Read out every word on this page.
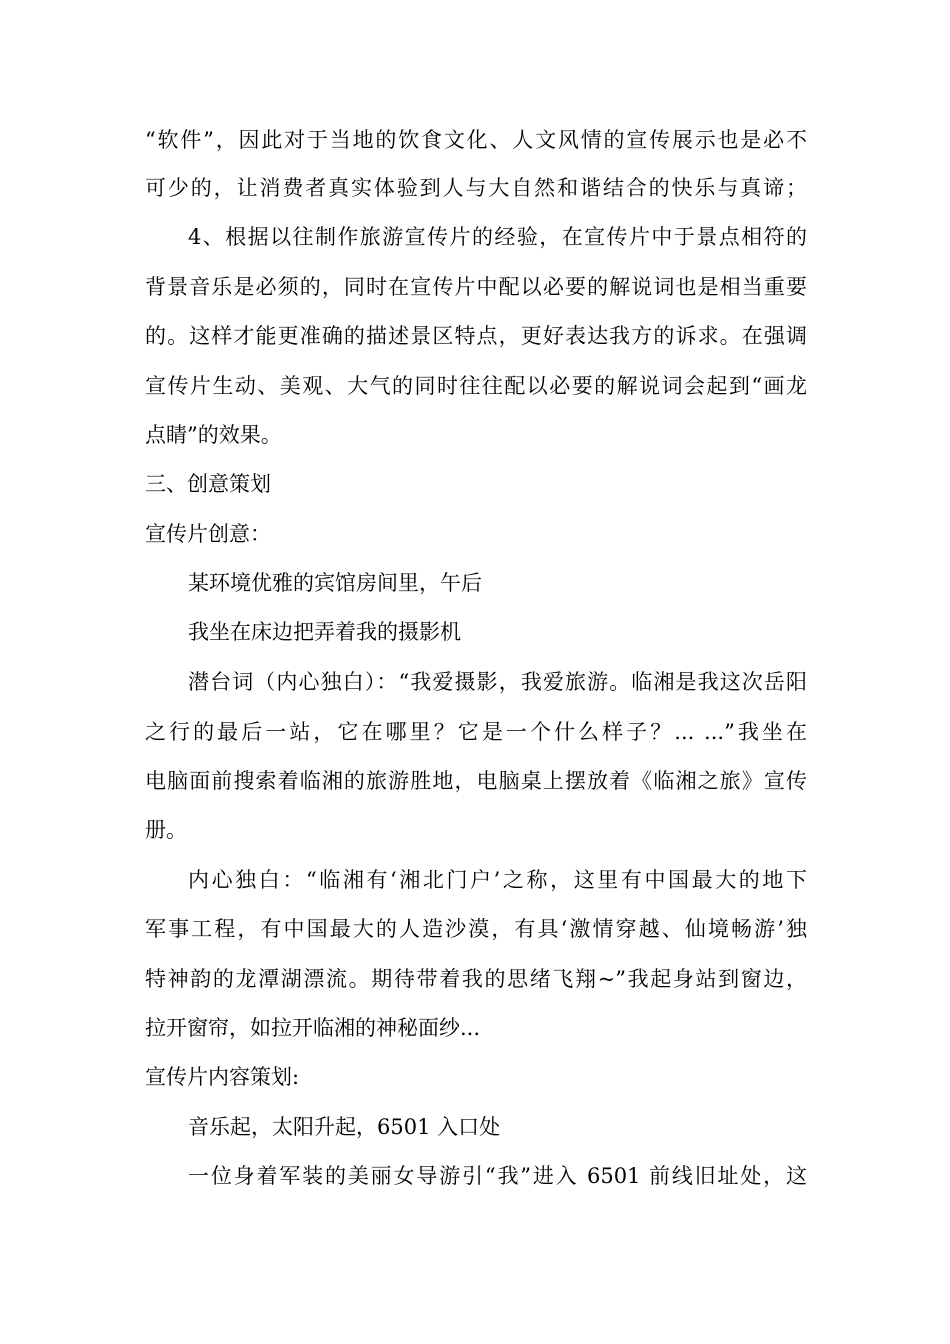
“软件”，因此对于当地的饮食文化、人文风情的宣传展示也是必不
可少的，让消费者真实体验到人与大自然和谐结合的快乐与真谛；
4、根据以往制作旅游宣传片的经验，在宣传片中于景点相符的
背景音乐是必须的，同时在宣传片中配以必要的解说词也是相当重要
的。这样才能更准确的描述景区特点，更好表达我方的诉求。在强调
宣传片生动、美观、大气的同时往往配以必要的解说词会起到“画龙
点睛”的效果。
三、创意策划
宣传片创意：
某环境优雅的宾馆房间里，午后
我坐在床边把弄着我的摄影机
潜台词（内心独白）：“我爱摄影，我爱旅游。临湘是我这次岳阳
之行的最后一站，它在哪里？它是一个什么样子？... ...”我坐在
电脑面前搜索着临湘的旅游胜地，电脑桌上摆放着《临湘之旅》宣传
册。
内心独白：“临湘有‘湘北门户’之称，这里有中国最大的地下
军事工程，有中国最大的人造沙漠，有具‘激情穿越、仙境畅游’独
特神韵的龙潭湖漂流。期待带着我的思绪飞翔~”我起身站到窗边，
拉开窗帘，如拉开临湘的神秘面纱...
宣传片内容策划:
音乐起，太阳升起，6501 入口处
一位身着军装的美丽女导游引“我”进入 6501 前线旧址处，这
